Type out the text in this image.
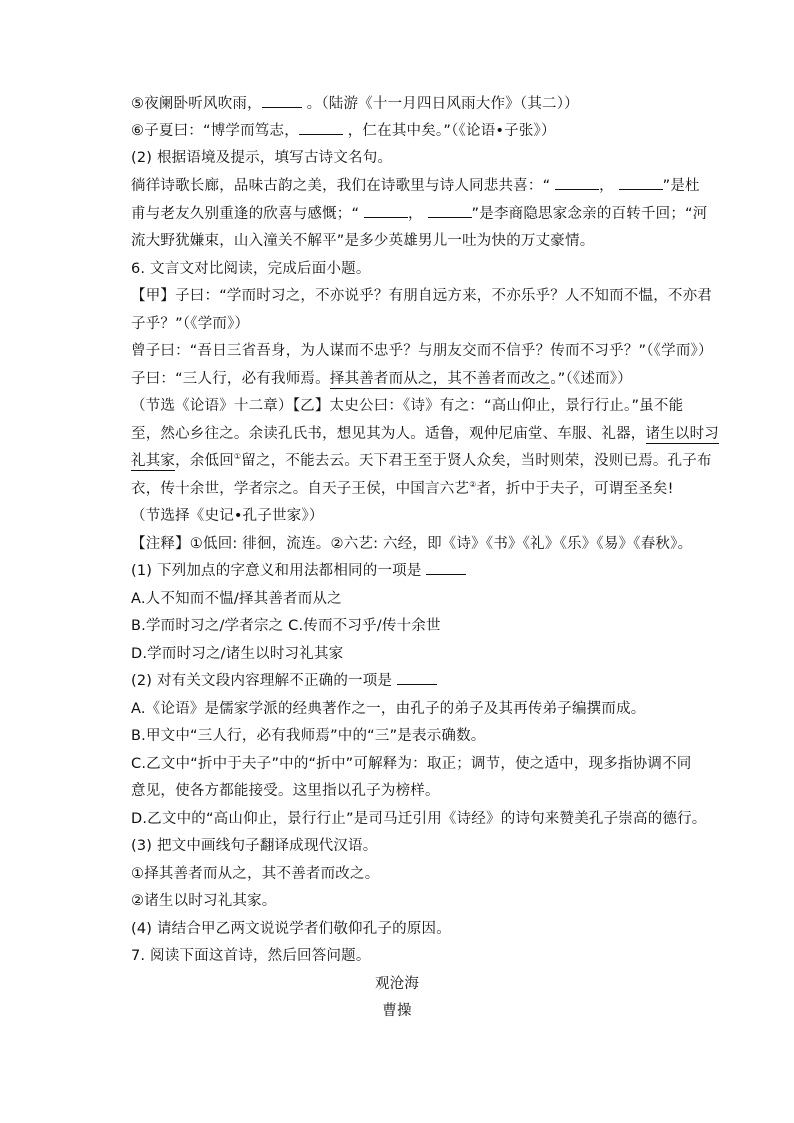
⑤夜阑卧听风吹雨，	。（陆游《十一月四日风雨大作》（其二））
⑥子夏曰：“博学而笃志，	，仁在其中矣。”（《论语•子张》）
(2) 根据语境及提示，填写古诗文名句。
徜徉诗歌长廊，品味古韵之美，我们在诗歌里与诗人同悲共喜：“	，	”是杜
甫与老友久别重逢的欣喜与感慨；“	，	”是李商隐思家念亲的百转千回；“河
流大野犹嫌束，山入潼关不解平”是多少英雄男儿一吐为快的万丈豪情。
6. 文言文对比阅读，完成后面小题。
【甲】子曰：“学而时习之，不亦说乎？有朋自远方来，不亦乐乎？人不知而不愠，不亦君
子乎？”（《学而》）
曾子曰：“吾日三省吾身，为人谋而不忠乎？与朋友交而不信乎？传而不习乎？”（《学而》）
子曰：“三人行，必有我师焉。择其善者而从之，其不善者而改之。”（《述而》）
（节选《论语》十二章）【乙】太史公曰：《诗》有之：“高山仰止，景行行止。”虽不能
至，然心乡往之。余读孔氏书，想见其为人。适鲁，观仲尼庙堂、车服、礼器，诸生以时习
礼其家，余低回①留之，不能去云。天下君王至于贤人众矣，当时则荣，没则已焉。孔子布
衣，传十余世，学者宗之。自天子王侯，中国言六艺②者，折中于夫子，可谓至圣矣!
（节选择《史记•孔子世家》）
【注释】①低回: 徘徊，流连。②六艺: 六经，即《诗》《书》《礼》《乐》《易》《春秋》。
(1) 下列加点的字意义和用法都相同的一项是
A.人不知而不愠/择其善者而从之
B.学而时习之/学者宗之 C.传而不习乎/传十余世
D.学而时习之/诸生以时习礼其家
(2) 对有关文段内容理解不正确的一项是
A.《论语》是儒家学派的经典著作之一，由孔子的弟子及其再传弟子编撰而成。
B.甲文中“三人行，必有我师焉”中的“三”是表示确数。
C.乙文中“折中于夫子”中的“折中”可解释为：取正；调节，使之适中，现多指协调不同
意见，使各方都能接受。这里指以孔子为榜样。
D.乙文中的“高山仰止，景行行止”是司马迁引用《诗经》的诗句来赞美孔子崇高的德行。
(3) 把文中画线句子翻译成现代汉语。
①择其善者而从之，其不善者而改之。
②诸生以时习礼其家。
(4) 请结合甲乙两文说说学者们敬仰孔子的原因。
7. 阅读下面这首诗，然后回答问题。
观沧海
曹操
